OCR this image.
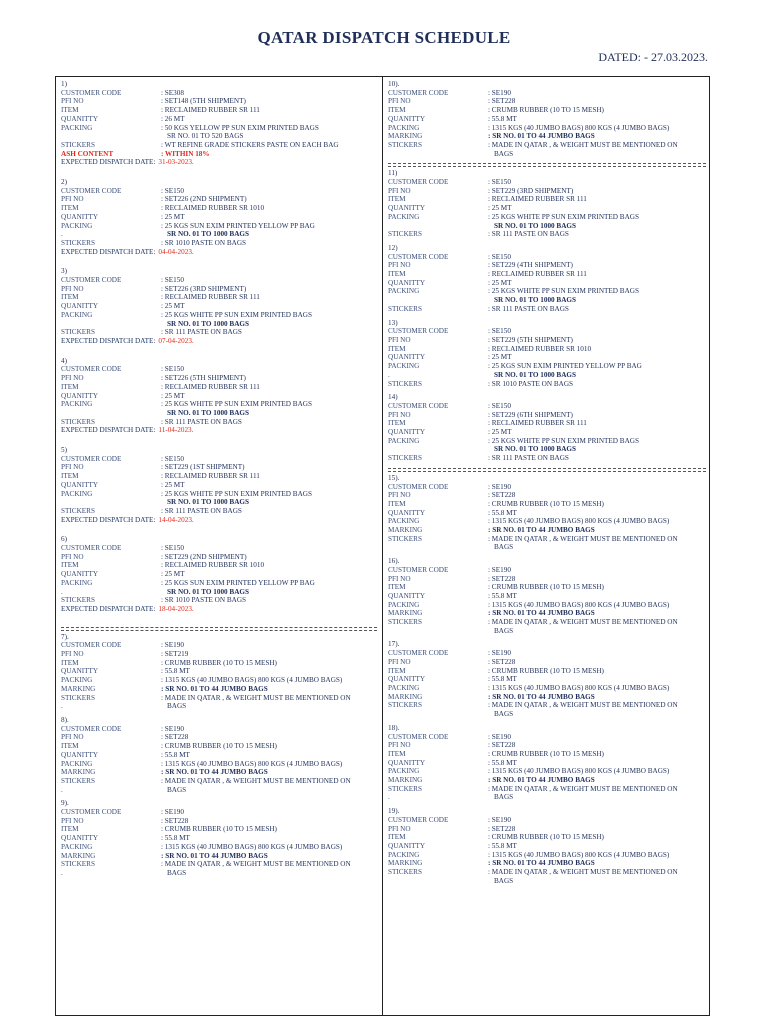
QATAR DISPATCH SCHEDULE
DATED: - 27.03.2023.
1)
CUSTOMER CODE	: SE308
PFI NO	: SET148 (5TH SHIPMENT)
ITEM	: RECLAIMED RUBBER SR 111
QUANITTY	: 26 MT
PACKING	: 50 KGS YELLOW PP SUN EXIM PRINTED BAGS
SR NO. 01 TO 520 BAGS
STICKERS	: WT REFINE GRADE STICKERS PASTE ON EACH BAG
ASH CONTENT	: WITHIN 18%
EXPECTED DISPATCH DATE: 31-03-2023.
2)
CUSTOMER CODE	: SE150
PFI NO	: SET226 (2ND SHIPMENT)
ITEM	: RECLAIMED RUBBER SR 1010
QUANITTY	: 25 MT
PACKING	: 25 KGS SUN EXIM PRINTED YELLOW PP BAG
.	SR NO. 01 TO 1000 BAGS
STICKERS	: SR 1010 PASTE ON BAGS
EXPECTED DISPATCH DATE: 04-04-2023.
3)
CUSTOMER CODE	: SE150
PFI NO	: SET226 (3RD SHIPMENT)
ITEM	: RECLAIMED RUBBER SR 111
QUANITTY	: 25 MT
PACKING	: 25 KGS WHITE PP SUN EXIM PRINTED BAGS
SR NO. 01 TO 1000 BAGS
STICKERS	: SR 111 PASTE ON BAGS
EXPECTED DISPATCH DATE: 07-04-2023.
4)
CUSTOMER CODE	: SE150
PFI NO	: SET226 (5TH SHIPMENT)
ITEM	: RECLAIMED RUBBER SR 111
QUANITTY	: 25 MT
PACKING	: 25 KGS WHITE PP SUN EXIM PRINTED BAGS
SR NO. 01 TO 1000 BAGS
STICKERS	: SR 111 PASTE ON BAGS
EXPECTED DISPATCH DATE: 11-04-2023.
5)
CUSTOMER CODE	: SE150
PFI NO	: SET229 (1ST SHIPMENT)
ITEM	: RECLAIMED RUBBER SR 111
QUANITTY	: 25 MT
PACKING	: 25 KGS WHITE PP SUN EXIM PRINTED BAGS
SR NO. 01 TO 1000 BAGS
STICKERS	: SR 111 PASTE ON BAGS
EXPECTED DISPATCH DATE: 14-04-2023.
6)
CUSTOMER CODE	: SE150
PFI NO	: SET229 (2ND SHIPMENT)
ITEM	: RECLAIMED RUBBER SR 1010
QUANITTY	: 25 MT
PACKING	: 25 KGS SUN EXIM PRINTED YELLOW PP BAG
.	SR NO. 01 TO 1000 BAGS
STICKERS	: SR 1010 PASTE ON BAGS
EXPECTED DISPATCH DATE: 18-04-2023.
7).
CUSTOMER CODE	: SE190
PFI NO	: SET219
ITEM	: CRUMB RUBBER (10 TO 15 MESH)
QUANITTY	: 55.8 MT
PACKING	: 1315 KGS (40 JUMBO BAGS) 800 KGS (4 JUMBO BAGS)
MARKING	: SR NO. 01 TO 44 JUMBO BAGS
STICKERS	: MADE IN QATAR , & WEIGHT MUST BE MENTIONED ON
.	BAGS
8).
CUSTOMER CODE	: SE190
PFI NO	: SET228
ITEM	: CRUMB RUBBER (10 TO 15 MESH)
QUANITTY	: 55.8 MT
PACKING	: 1315 KGS (40 JUMBO BAGS) 800 KGS (4 JUMBO BAGS)
MARKING	: SR NO. 01 TO 44 JUMBO BAGS
STICKERS	: MADE IN QATAR , & WEIGHT MUST BE MENTIONED ON
.	BAGS
9).
CUSTOMER CODE	: SE190
PFI NO	: SET228
ITEM	: CRUMB RUBBER (10 TO 15 MESH)
QUANITTY	: 55.8 MT
PACKING	: 1315 KGS (40 JUMBO BAGS) 800 KGS (4 JUMBO BAGS)
MARKING	: SR NO. 01 TO 44 JUMBO BAGS
STICKERS	: MADE IN QATAR , & WEIGHT MUST BE MENTIONED ON
.	BAGS
10).
CUSTOMER CODE	: SE190
PFI NO	: SET228
ITEM	: CRUMB RUBBER (10 TO 15 MESH)
QUANITTY	: 55.8 MT
PACKING	: 1315 KGS (40 JUMBO BAGS) 800 KGS (4 JUMBO BAGS)
MARKING	: SR NO. 01 TO 44 JUMBO BAGS
STICKERS	: MADE IN QATAR , & WEIGHT MUST BE MENTIONED ON
BAGS
11)
CUSTOMER CODE	: SE150
PFI NO	: SET229 (3RD SHIPMENT)
ITEM	: RECLAIMED RUBBER SR 111
QUANITTY	: 25 MT
PACKING	: 25 KGS WHITE PP SUN EXIM PRINTED BAGS
SR NO. 01 TO 1000 BAGS
STICKERS	: SR 111 PASTE ON BAGS
12)
CUSTOMER CODE	: SE150
PFI NO	: SET229 (4TH SHIPMENT)
ITEM	: RECLAIMED RUBBER SR 111
QUANITTY	: 25 MT
PACKING	: 25 KGS WHITE PP SUN EXIM PRINTED BAGS
SR NO. 01 TO 1000 BAGS
STICKERS	: SR 111 PASTE ON BAGS
13)
CUSTOMER CODE	: SE150
PFI NO	: SET229 (5TH SHIPMENT)
ITEM	: RECLAIMED RUBBER SR 1010
QUANITTY	: 25 MT
PACKING	: 25 KGS SUN EXIM PRINTED YELLOW PP BAG
.	SR NO. 01 TO 1000 BAGS
STICKERS	: SR 1010 PASTE ON BAGS
14)
CUSTOMER CODE	: SE150
PFI NO	: SET229 (6TH SHIPMENT)
ITEM	: RECLAIMED RUBBER SR 111
QUANITTY	: 25 MT
PACKING	: 25 KGS WHITE PP SUN EXIM PRINTED BAGS
SR NO. 01 TO 1000 BAGS
STICKERS	: SR 111 PASTE ON BAGS
15).
CUSTOMER CODE	: SE190
PFI NO	: SET228
ITEM	: CRUMB RUBBER (10 TO 15 MESH)
QUANITTY	: 55.8 MT
PACKING	: 1315 KGS (40 JUMBO BAGS) 800 KGS (4 JUMBO BAGS)
MARKING	: SR NO. 01 TO 44 JUMBO BAGS
STICKERS	: MADE IN QATAR , & WEIGHT MUST BE MENTIONED ON
BAGS
16).
CUSTOMER CODE	: SE190
PFI NO	: SET228
ITEM	: CRUMB RUBBER (10 TO 15 MESH)
QUANITTY	: 55.8 MT
PACKING	: 1315 KGS (40 JUMBO BAGS) 800 KGS (4 JUMBO BAGS)
MARKING	: SR NO. 01 TO 44 JUMBO BAGS
STICKERS	: MADE IN QATAR , & WEIGHT MUST BE MENTIONED ON
BAGS
17).
CUSTOMER CODE	: SE190
PFI NO	: SET228
ITEM	: CRUMB RUBBER (10 TO 15 MESH)
QUANITTY	: 55.8 MT
PACKING	: 1315 KGS (40 JUMBO BAGS) 800 KGS (4 JUMBO BAGS)
MARKING	: SR NO. 01 TO 44 JUMBO BAGS
STICKERS	: MADE IN QATAR , & WEIGHT MUST BE MENTIONED ON
BAGS
18).
CUSTOMER CODE	: SE190
PFI NO	: SET228
ITEM	: CRUMB RUBBER (10 TO 15 MESH)
QUANITTY	: 55.8 MT
PACKING	: 1315 KGS (40 JUMBO BAGS) 800 KGS (4 JUMBO BAGS)
MARKING	: SR NO. 01 TO 44 JUMBO BAGS
STICKERS	: MADE IN QATAR , & WEIGHT MUST BE MENTIONED ON
.	BAGS
19).
CUSTOMER CODE	: SE190
PFI NO	: SET228
ITEM	: CRUMB RUBBER (10 TO 15 MESH)
QUANITTY	: 55.8 MT
PACKING	: 1315 KGS (40 JUMBO BAGS) 800 KGS (4 JUMBO BAGS)
MARKING	: SR NO. 01 TO 44 JUMBO BAGS
STICKERS	: MADE IN QATAR , & WEIGHT MUST BE MENTIONED ON
BAGS
